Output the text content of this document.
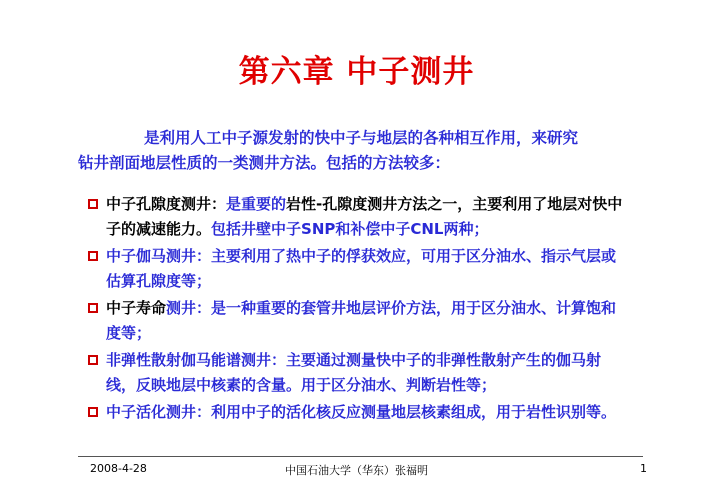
第六章 中子测井
是利用人工中子源发射的快中子与地层的各种相互作用，来研究
钻井剖面地层性质的一类测井方法。包括的方法较多：
中子孔隙度测井：是重要的岩性-孔隙度测井方法之一，主要利用了地层对快中子的减速能力。包括井壁中子SNP和补偿中子CNL两种；
中子伽马测井：主要利用了热中子的俘获效应，可用于区分油水、指示气层或估算孔隙度等；
中子寿命测井：是一种重要的套管井地层评价方法，用于区分油水、计算饱和度等；
非弹性散射伽马能谱测井：主要通过测量快中子的非弹性散射产生的伽马射线，反映地层中核素的含量。用于区分油水、判断岩性等；
中子活化测井：利用中子的活化核反应测量地层核素组成，用于岩性识别等。
2008-4-28	中国石油大学（华东）张福明	1
